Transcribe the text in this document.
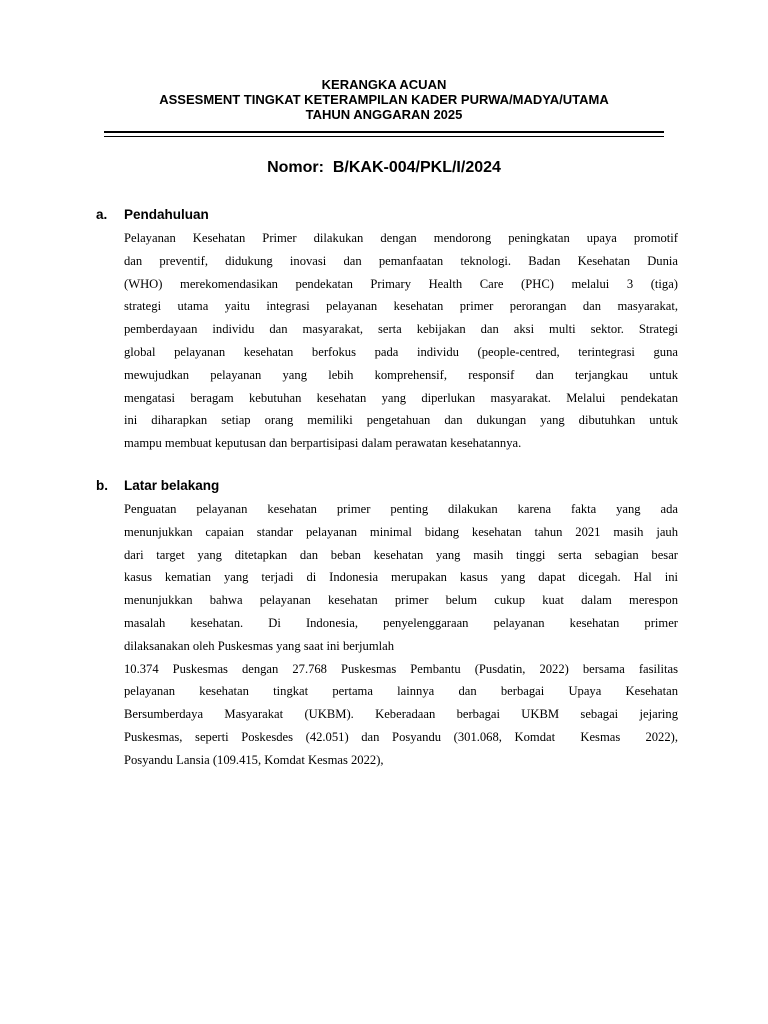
KERANGKA ACUAN
ASSESMENT TINGKAT KETERAMPILAN KADER PURWA/MADYA/UTAMA
TAHUN ANGGARAN 2025
Nomor:  B/KAK-004/PKL/I/2024
a. Pendahuluan
Pelayanan Kesehatan Primer dilakukan dengan mendorong peningkatan upaya promotif
dan preventif, didukung inovasi dan pemanfaatan teknologi. Badan Kesehatan Dunia
(WHO) merekomendasikan pendekatan Primary Health Care (PHC) melalui 3 (tiga)
strategi utama yaitu integrasi pelayanan kesehatan primer perorangan dan masyarakat,
pemberdayaan individu dan masyarakat, serta kebijakan dan aksi multi sektor. Strategi
global pelayanan kesehatan berfokus pada individu (people-centred, terintegrasi guna
mewujudkan pelayanan yang lebih komprehensif, responsif dan terjangkau untuk
mengatasi beragam kebutuhan kesehatan yang diperlukan masyarakat. Melalui pendekatan
ini diharapkan setiap orang memiliki pengetahuan dan dukungan yang dibutuhkan untuk
mampu membuat keputusan dan berpartisipasi dalam perawatan kesehatannya.
b. Latar belakang
Penguatan pelayanan kesehatan primer penting dilakukan karena fakta yang ada
menunjukkan capaian standar pelayanan minimal bidang kesehatan tahun 2021 masih jauh
dari target yang ditetapkan dan beban kesehatan yang masih tinggi serta sebagian besar
kasus kematian yang terjadi di Indonesia merupakan kasus yang dapat dicegah. Hal ini
menunjukkan bahwa pelayanan kesehatan primer belum cukup kuat dalam merespon
masalah kesehatan. Di Indonesia, penyelenggaraan pelayanan kesehatan primer
dilaksanakan oleh Puskesmas yang saat ini berjumlah
10.374 Puskesmas dengan 27.768 Puskesmas Pembantu (Pusdatin, 2022) bersama fasilitas
pelayanan kesehatan tingkat pertama lainnya dan berbagai Upaya Kesehatan
Bersumberdaya Masyarakat (UKBM). Keberadaan berbagai UKBM sebagai jejaring
Puskesmas, seperti Poskesdes (42.051) dan Posyandu (301.068, Komdat  Kesmas  2022),
Posyandu Lansia (109.415, Komdat Kesmas 2022),
